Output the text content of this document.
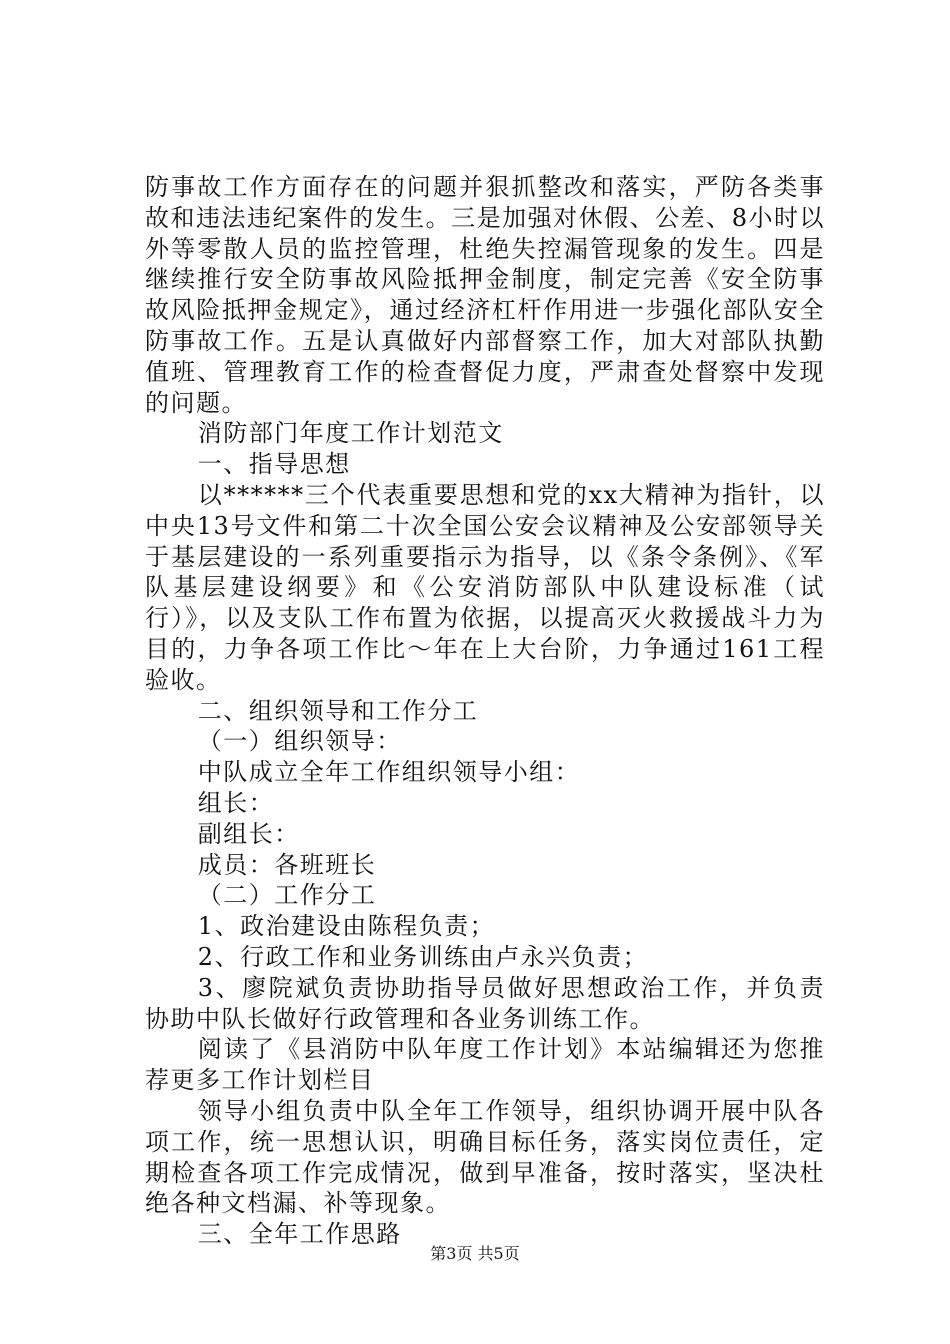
防事故工作方面存在的问题并狠抓整改和落实，严防各类事故和违法违纪案件的发生。三是加强对休假、公差、8小时以外等零散人员的监控管理，杜绝失控漏管现象的发生。四是继续推行安全防事故风险抵押金制度，制定完善《安全防事故风险抵押金规定》，通过经济杠杆作用进一步强化部队安全防事故工作。五是认真做好内部督察工作，加大对部队执勤值班、管理教育工作的检查督促力度，严肃查处督察中发现的问题。

消防部门年度工作计划范文

一、指导思想

以******三个代表重要思想和党的xx大精神为指针，以中央13号文件和第二十次全国公安会议精神及公安部领导关于基层建设的一系列重要指示为指导，以《条令条例》、《军队基层建设纲要》和《公安消防部队中队建设标准（试行）》，以及支队工作布置为依据，以提高灭火救援战斗力为目的，力争各项工作比～年在上大台阶，力争通过161工程验收。

二、组织领导和工作分工

（一）组织领导：

中队成立全年工作组织领导小组：

组长：

副组长：

成员：各班班长

（二）工作分工

1、政治建设由陈程负责；

2、行政工作和业务训练由卢永兴负责；

3、廖院斌负责协助指导员做好思想政治工作，并负责协助中队长做好行政管理和各业务训练工作。

阅读了《县消防中队年度工作计划》本站编辑还为您推荐更多工作计划栏目

领导小组负责中队全年工作领导，组织协调开展中队各项工作，统一思想认识，明确目标任务，落实岗位责任，定期检查各项工作完成情况，做到早准备，按时落实，坚决杜绝各种文档漏、补等现象。

三、全年工作思路

第3页 共5页
